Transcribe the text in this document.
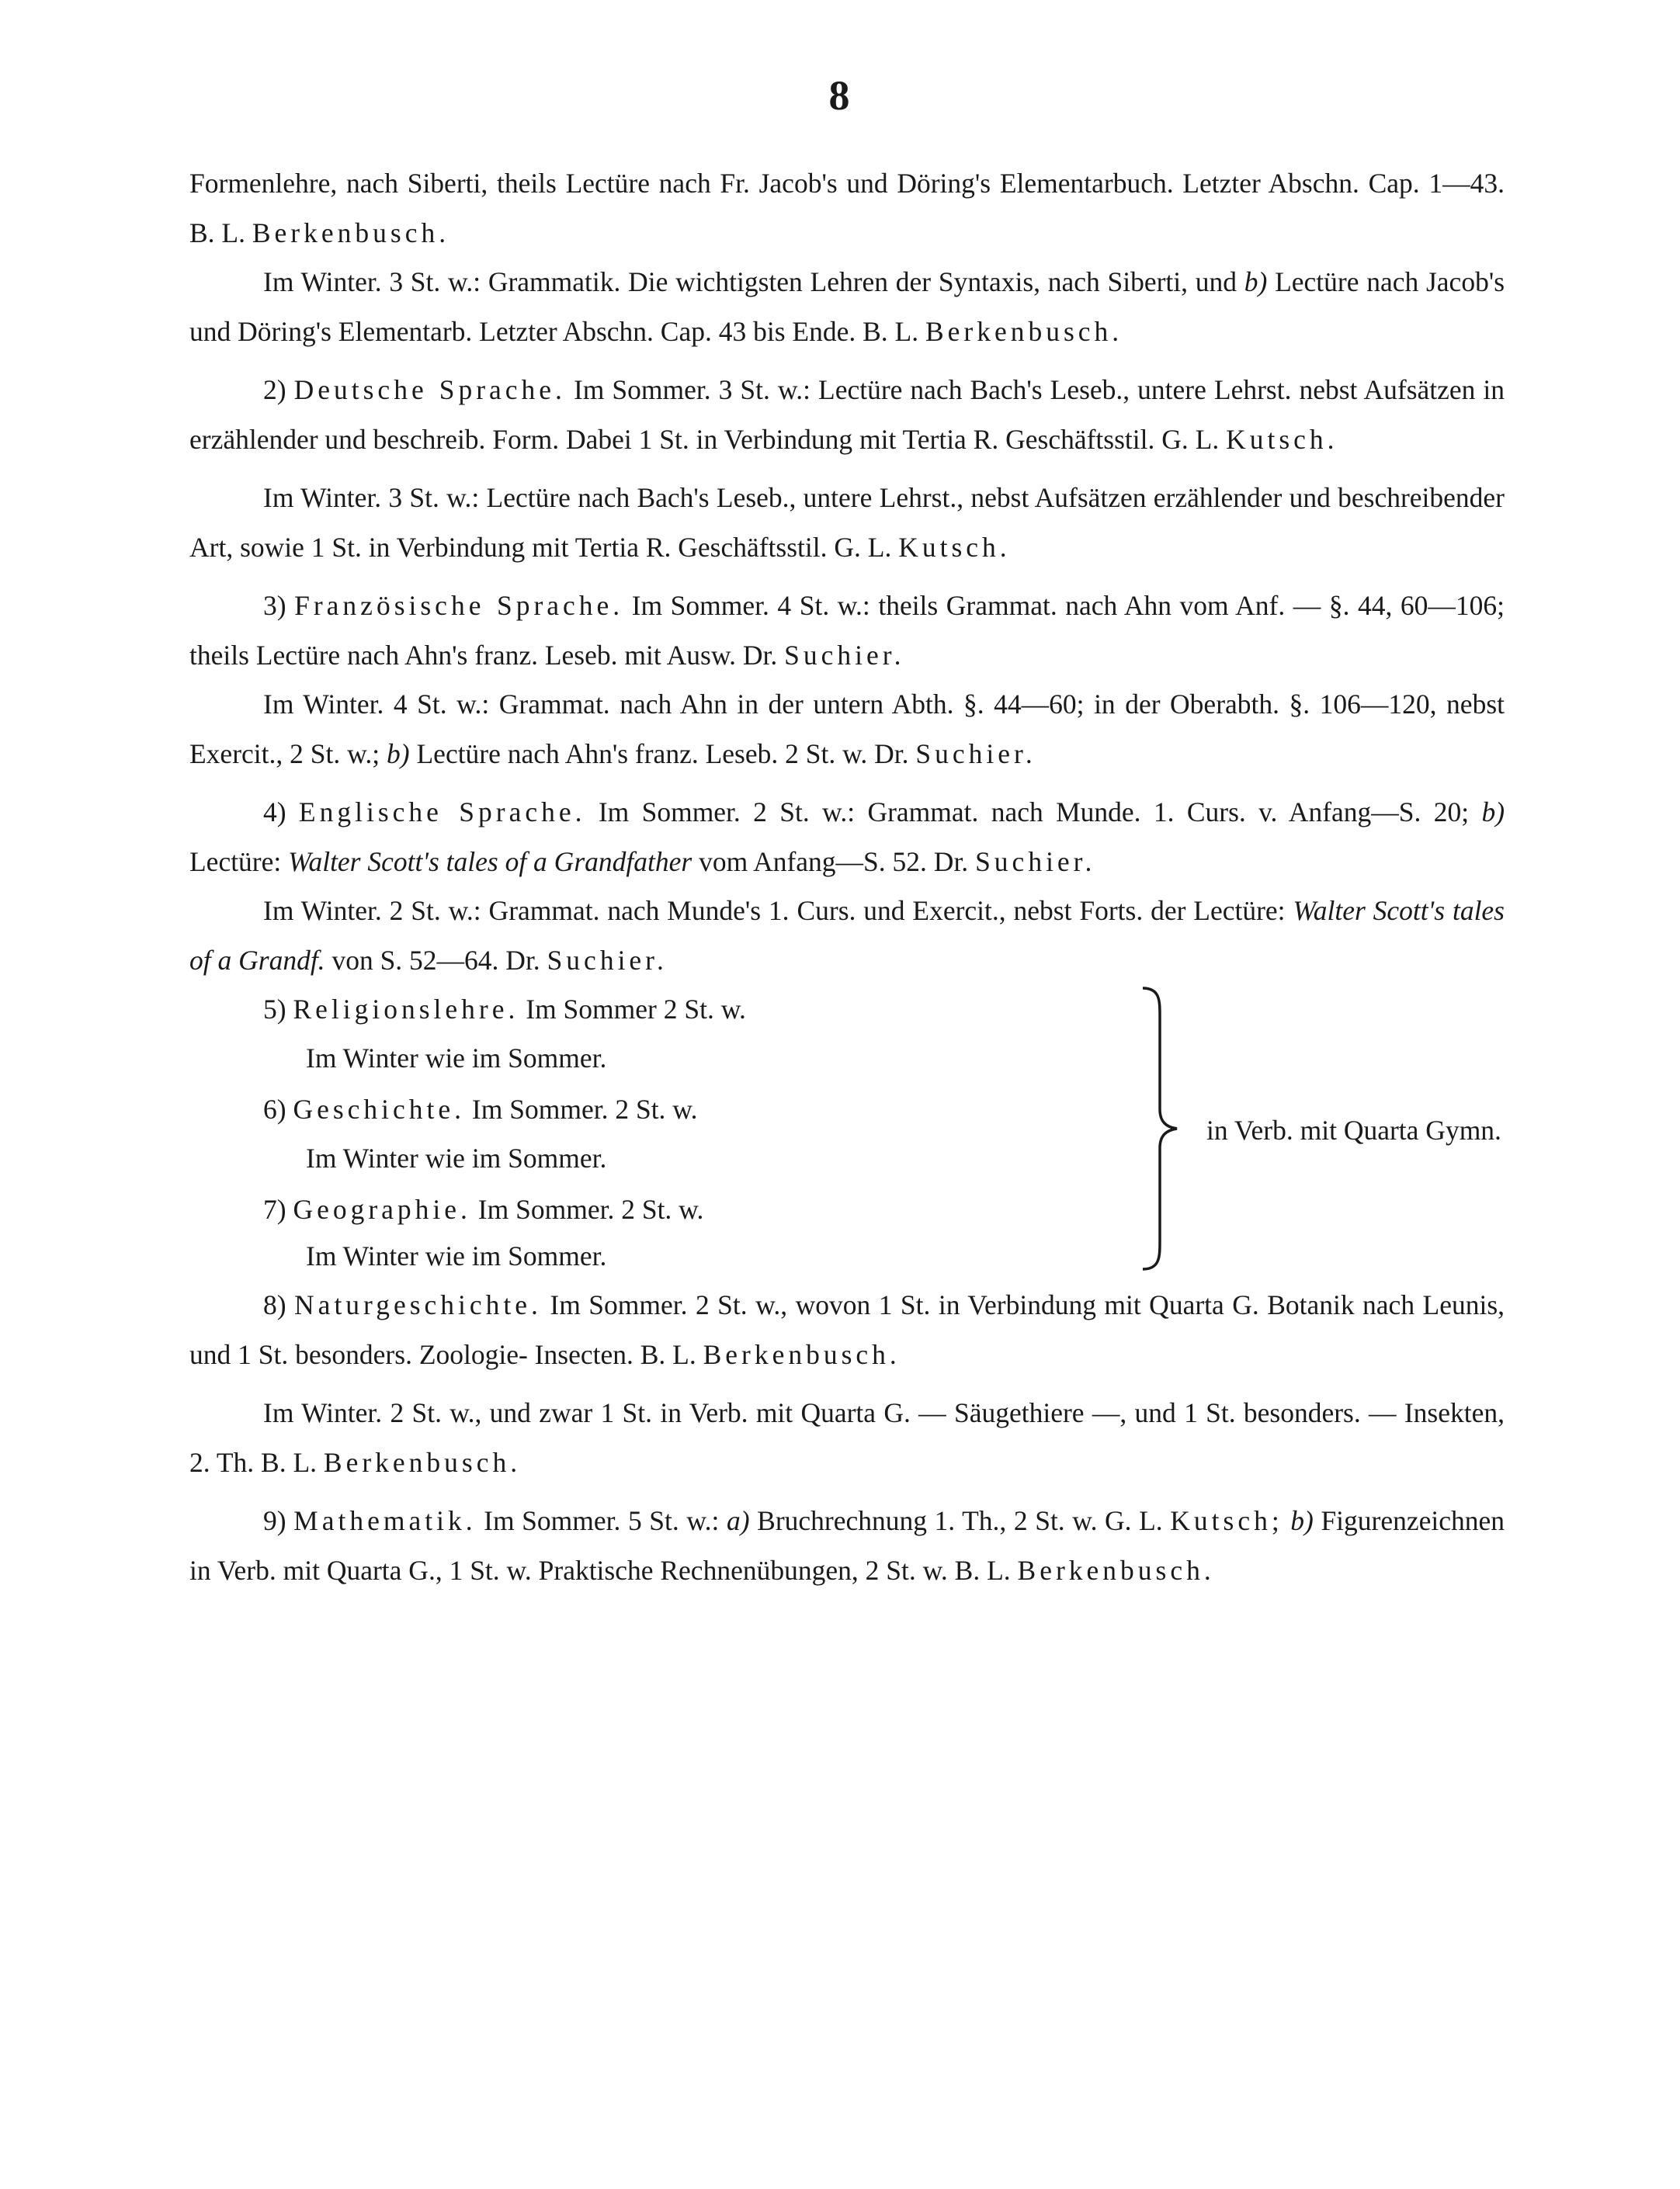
8

Formenlehre, nach Siberti, theils Lectüre nach Fr. Jacob's und Döring's Elementarbuch. Letzter Abschn. Cap. 1—43. B. L. Berkenbusch.

Im Winter. 3 St. w.: Grammatik. Die wichtigsten Lehren der Syntaxis, nach Siberti, und b) Lectüre nach Jacob's und Döring's Elementarb. Letzter Abschn. Cap. 43 bis Ende. B. L. Berkenbusch.

2) Deutsche Sprache. Im Sommer. 3 St. w.: Lectüre nach Bach's Leseb., untere Lehrst. nebst Aufsätzen in erzählender und beschreib. Form. Dabei 1 St. in Verbindung mit Tertia R. Geschäftsstil. G. L. Kutsch.

Im Winter. 3 St. w.: Lectüre nach Bach's Leseb., untere Lehrst., nebst Aufsätzen erzählender und beschreibender Art, sowie 1 St. in Verbindung mit Tertia R. Geschäftsstil. G. L. Kutsch.

3) Französische Sprache. Im Sommer. 4 St. w.: theils Grammat. nach Ahn vom Anf. — §. 44, 60—106; theils Lectüre nach Ahn's franz. Leseb. mit Ausw. Dr. Suchier.

Im Winter. 4 St. w.: Grammat. nach Ahn in der untern Abth. §. 44—60; in der Oberabth. §. 106—120, nebst Exercit., 2 St. w.; b) Lectüre nach Ahn's franz. Leseb. 2 St. w. Dr. Suchier.

4) Englische Sprache. Im Sommer. 2 St. w.: Grammat. nach Munde. 1. Curs. v. Anfang—S. 20; b) Lectüre: Walter Scott's tales of a Grandfather vom Anfang—S. 52. Dr. Suchier.

Im Winter. 2 St. w.: Grammat. nach Munde's 1. Curs. und Exercit., nebst Forts. der Lectüre: Walter Scott's tales of a Grandf. von S. 52—64. Dr. Suchier.

5) Religionslehre. Im Sommer 2 St. w.
Im Winter wie im Sommer.
6) Geschichte. Im Sommer. 2 St. w.
Im Winter wie im Sommer.
7) Geographie. Im Sommer. 2 St. w.
Im Winter wie im Sommer.
in Verb. mit Quarta Gymn.

8) Naturgeschichte. Im Sommer. 2 St. w., wovon 1 St. in Verbindung mit Quarta G. Botanik nach Leunis, und 1 St. besonders. Zoologie- Insecten. B. L. Berkenbusch.

Im Winter. 2 St. w., und zwar 1 St. in Verb. mit Quarta G. — Säugethiere —, und 1 St. besonders. — Insekten, 2. Th. B. L. Berkenbusch.

9) Mathematik. Im Sommer. 5 St. w.: a) Bruchrechnung 1. Th., 2 St. w. G. L. Kutsch; b) Figurenzeichnen in Verb. mit Quarta G., 1 St. w. Praktische Rechnenübungen, 2 St. w. B. L. Berkenbusch.
